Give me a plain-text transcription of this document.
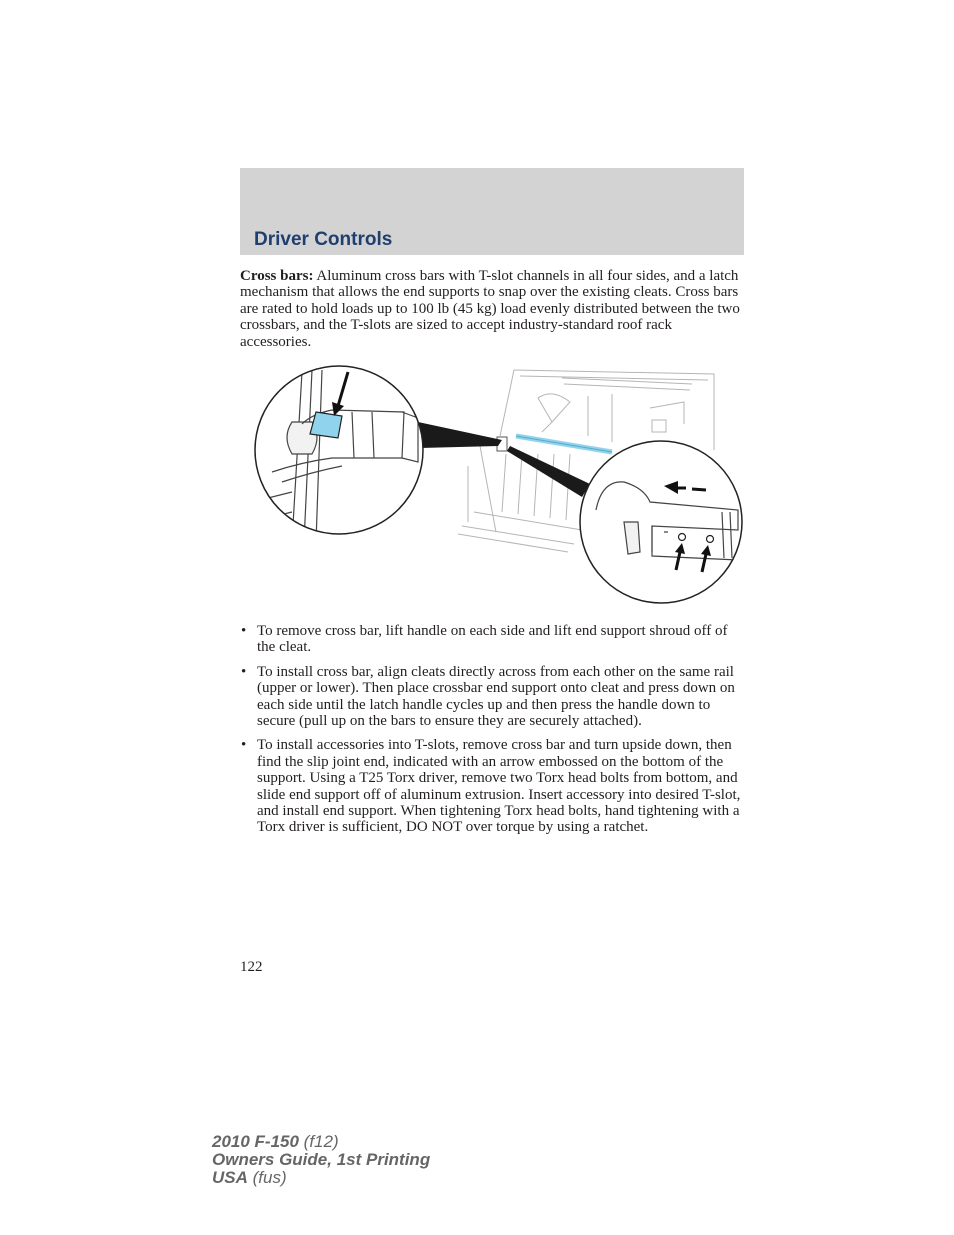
Driver Controls

Cross bars: Aluminum cross bars with T-slot channels in all four sides, and a latch mechanism that allows the end supports to snap over the existing cleats. Cross bars are rated to hold loads up to 100 lb (45 kg) load evenly distributed between the two crossbars, and the T-slots are sized to accept industry-standard roof rack accessories.

• To remove cross bar, lift handle on each side and lift end support shroud off of the cleat.
• To install cross bar, align cleats directly across from each other on the same rail (upper or lower). Then place crossbar end support onto cleat and press down on each side until the latch handle cycles up and then press the handle down to secure (pull up on the bars to ensure they are securely attached).
• To install accessories into T-slots, remove cross bar and turn upside down, then find the slip joint end, indicated with an arrow embossed on the bottom of the support. Using a T25 Torx driver, remove two Torx head bolts from bottom, and slide end support off of aluminum extrusion. Insert accessory into desired T-slot, and install end support. When tightening Torx head bolts, hand tightening with a Torx driver is sufficient, DO NOT over torque by using a ratchet.

122

2010 F-150 (f12)
Owners Guide, 1st Printing
USA (fus)
